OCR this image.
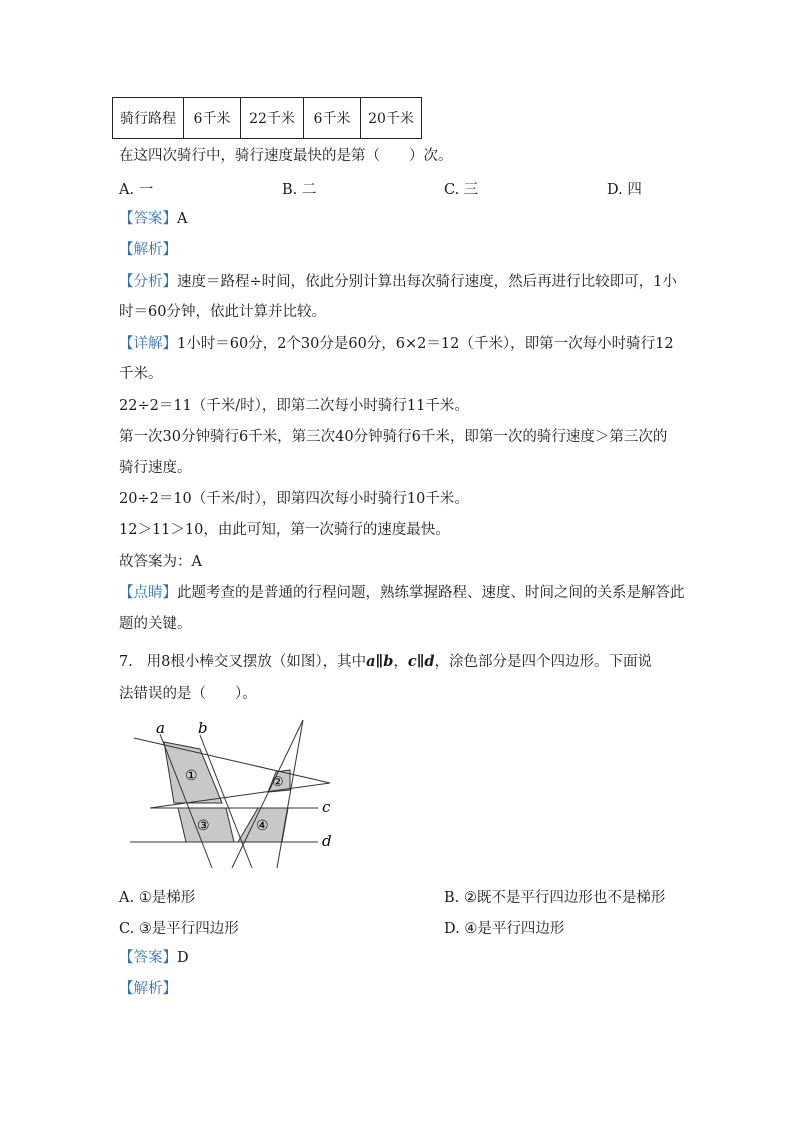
骑行路程	6千米	22千米	6千米	20千米
在这四次骑行中，骑行速度最快的是第（　　）次。
A. 一	B. 二	C. 三	D. 四
【答案】A
【解析】
【分析】速度＝路程÷时间，依此分别计算出每次骑行速度，然后再进行比较即可，1小
时＝60分钟，依此计算并比较。
【详解】1小时＝60分，2个30分是60分，6×2＝12（千米），即第一次每小时骑行12
千米。
22÷2＝11（千米/时），即第二次每小时骑行11千米。
第一次30分钟骑行6千米，第三次40分钟骑行6千米，即第一次的骑行速度＞第三次的
骑行速度。
20÷2＝10（千米/时），即第四次每小时骑行10千米。
12＞11＞10，由此可知，第一次骑行的速度最快。
故答案为：A
【点睛】此题考查的是普通的行程问题，熟练掌握路程、速度、时间之间的关系是解答此
题的关键。
7. 用8根小棒交叉摆放（如图），其中a∥b，c∥d，涂色部分是四个四边形。下面说
法错误的是（　　）。
a b
c
d
①	②
③	④
A. ①是梯形	B. ②既不是平行四边形也不是梯形
C. ③是平行四边形	D. ④是平行四边形
【答案】D
【解析】
